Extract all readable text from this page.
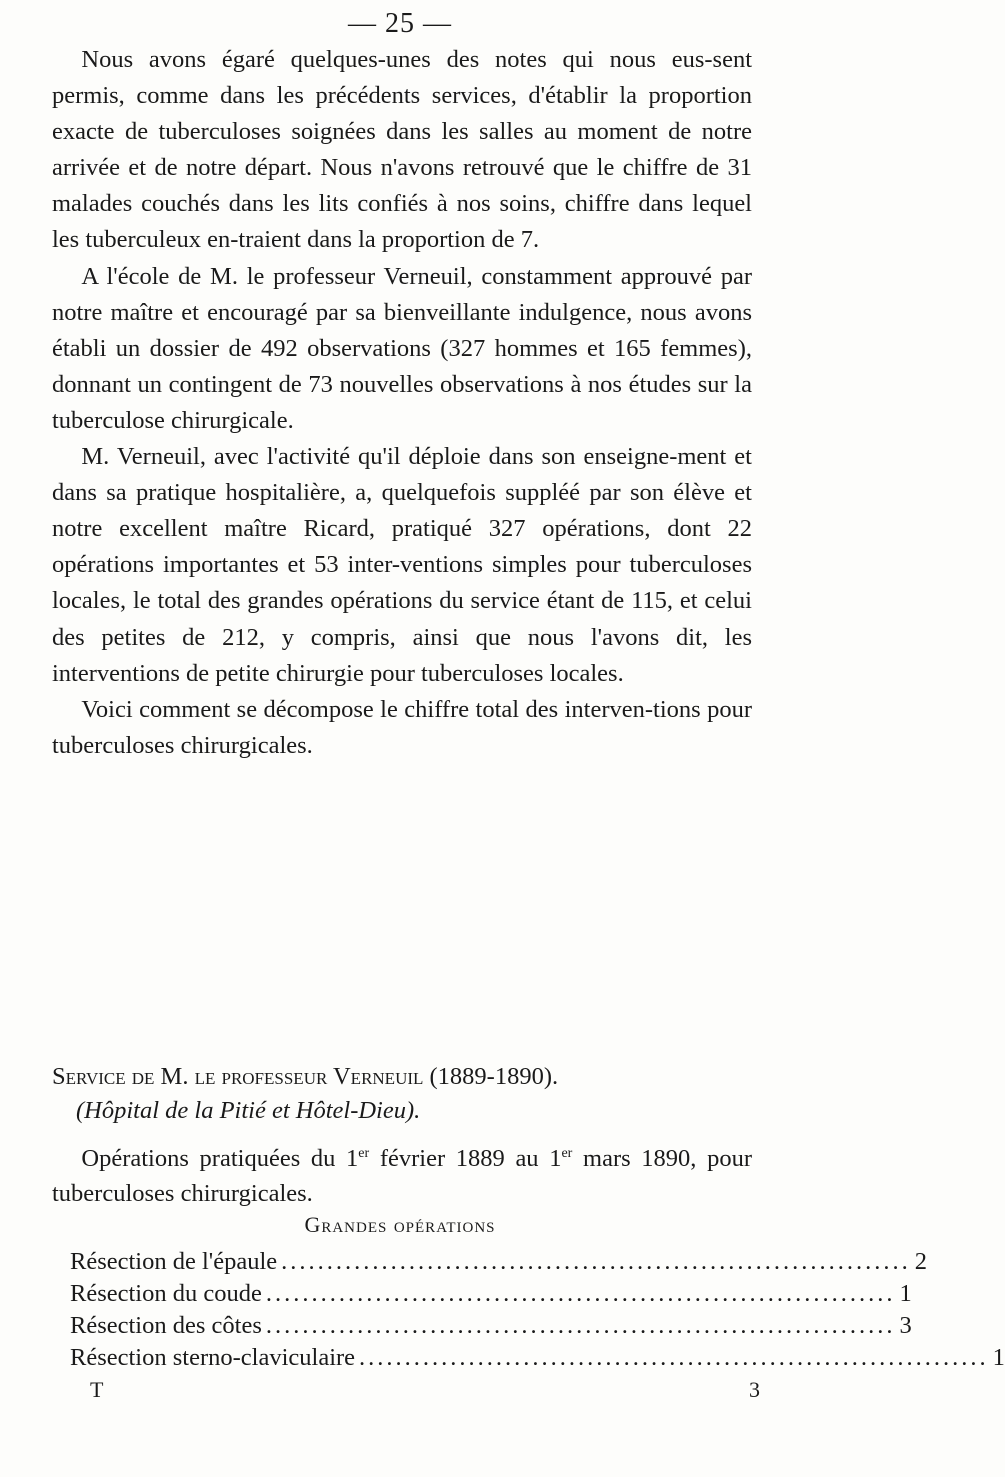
— 25 —

Nous avons égaré quelques-unes des notes qui nous eus-sent permis, comme dans les précédents services, d'établir la proportion exacte de tuberculoses soignées dans les salles au moment de notre arrivée et de notre départ. Nous n'avons retrouvé que le chiffre de 31 malades couchés dans les lits confiés à nos soins, chiffre dans lequel les tuberculeux en-traient dans la proportion de 7.

A l'école de M. le professeur Verneuil, constamment approuvé par notre maître et encouragé par sa bienveillante indulgence, nous avons établi un dossier de 492 observations (327 hommes et 165 femmes), donnant un contingent de 73 nouvelles observations à nos études sur la tuberculose chirurgicale.

M. Verneuil, avec l'activité qu'il déploie dans son enseigne-ment et dans sa pratique hospitalière, a, quelquefois suppléé par son élève et notre excellent maître Ricard, pratiqué 327 opérations, dont 22 opérations importantes et 53 inter-ventions simples pour tuberculoses locales, le total des grandes opérations du service étant de 115, et celui des petites de 212, y compris, ainsi que nous l'avons dit, les interventions de petite chirurgie pour tuberculoses locales.

Voici comment se décompose le chiffre total des interven-tions pour tuberculoses chirurgicales.

Service de M. le professeur Verneuil (1889-1890).
(Hôpital de la Pitié et Hôtel-Dieu).
Opérations pratiquées du 1er février 1889 au 1er mars 1890, pour tuberculoses chirurgicales.
Grandes opérations
Résection de l'épaule ..................................................................... 2
Résection du coude ..................................................................... 1
Résection des côtes ..................................................................... 3
Résection sterno-claviculaire ..................................................................... 1
T	3
